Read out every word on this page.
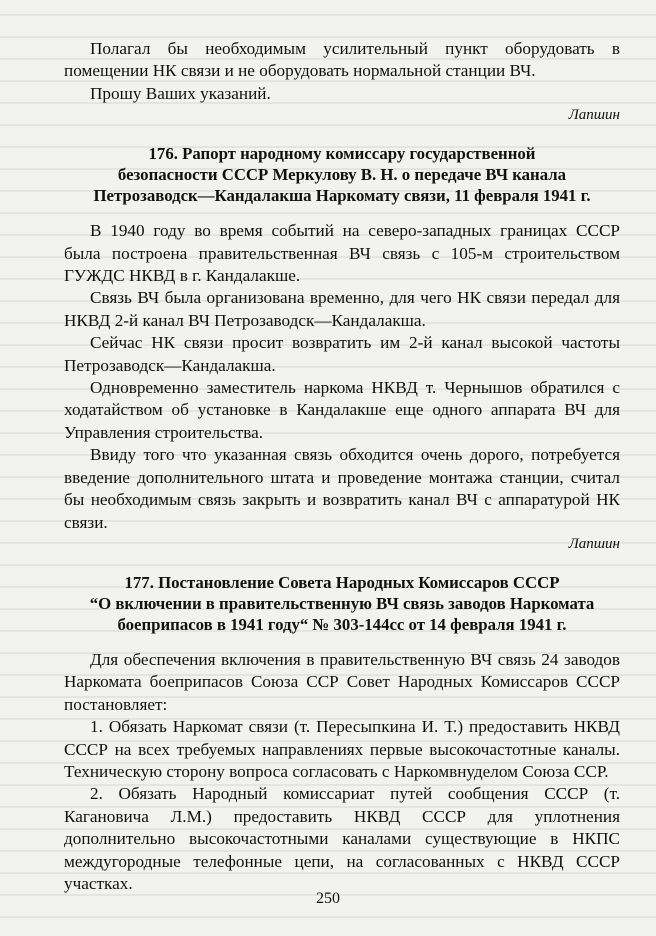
Полагал бы необходимым усилительный пункт оборудовать в помещении НК связи и не оборудовать нормальной станции ВЧ.

Прошу Ваших указаний.

Лапшин
176. Рапорт народному комиссару государственной
безопасности СССР Меркулову В. Н. о передаче ВЧ канала
Петрозаводск—Кандалакша Наркомату связи, 11 февраля 1941 г.

В 1940 году во время событий на северо-западных границах СССР была построена правительственная ВЧ связь с 105-м строительством ГУЖДС НКВД в г. Кандалакше.

Связь ВЧ была организована временно, для чего НК связи передал для НКВД 2-й канал ВЧ Петрозаводск—Кандалакша.

Сейчас НК связи просит возвратить им 2-й канал высокой частоты Петрозаводск—Кандалакша.

Одновременно заместитель наркома НКВД т. Чернышов обратился с ходатайством об установке в Кандалакше еще одного аппарата ВЧ для Управления строительства.

Ввиду того что указанная связь обходится очень дорого, потребуется введение дополнительного штата и проведение монтажа станции, считал бы необходимым связь закрыть и возвратить канал ВЧ с аппаратурой НК связи.

Лапшин
177. Постановление Совета Народных Комиссаров СССР
“О включении в правительственную ВЧ связь заводов Наркомата
боеприпасов в 1941 году“ № 303-144сс от 14 февраля 1941 г.

Для обеспечения включения в правительственную ВЧ связь 24 заводов Наркомата боеприпасов Союза ССР Совет Народных Комиссаров СССР постановляет:

1. Обязать Наркомат связи (т. Пересыпкина И. Т.) предоставить НКВД СССР на всех требуемых направлениях первые высокочастотные каналы. Техническую сторону вопроса согласовать с Наркомвнуделом Союза ССР.

2. Обязать Народный комиссариат путей сообщения СССР (т. Кагановича Л.М.) предоставить НКВД СССР для уплотнения дополнительно высокочастотными каналами существующие в НКПС междугородные телефонные цепи, на согласованных с НКВД СССР участках.

250
